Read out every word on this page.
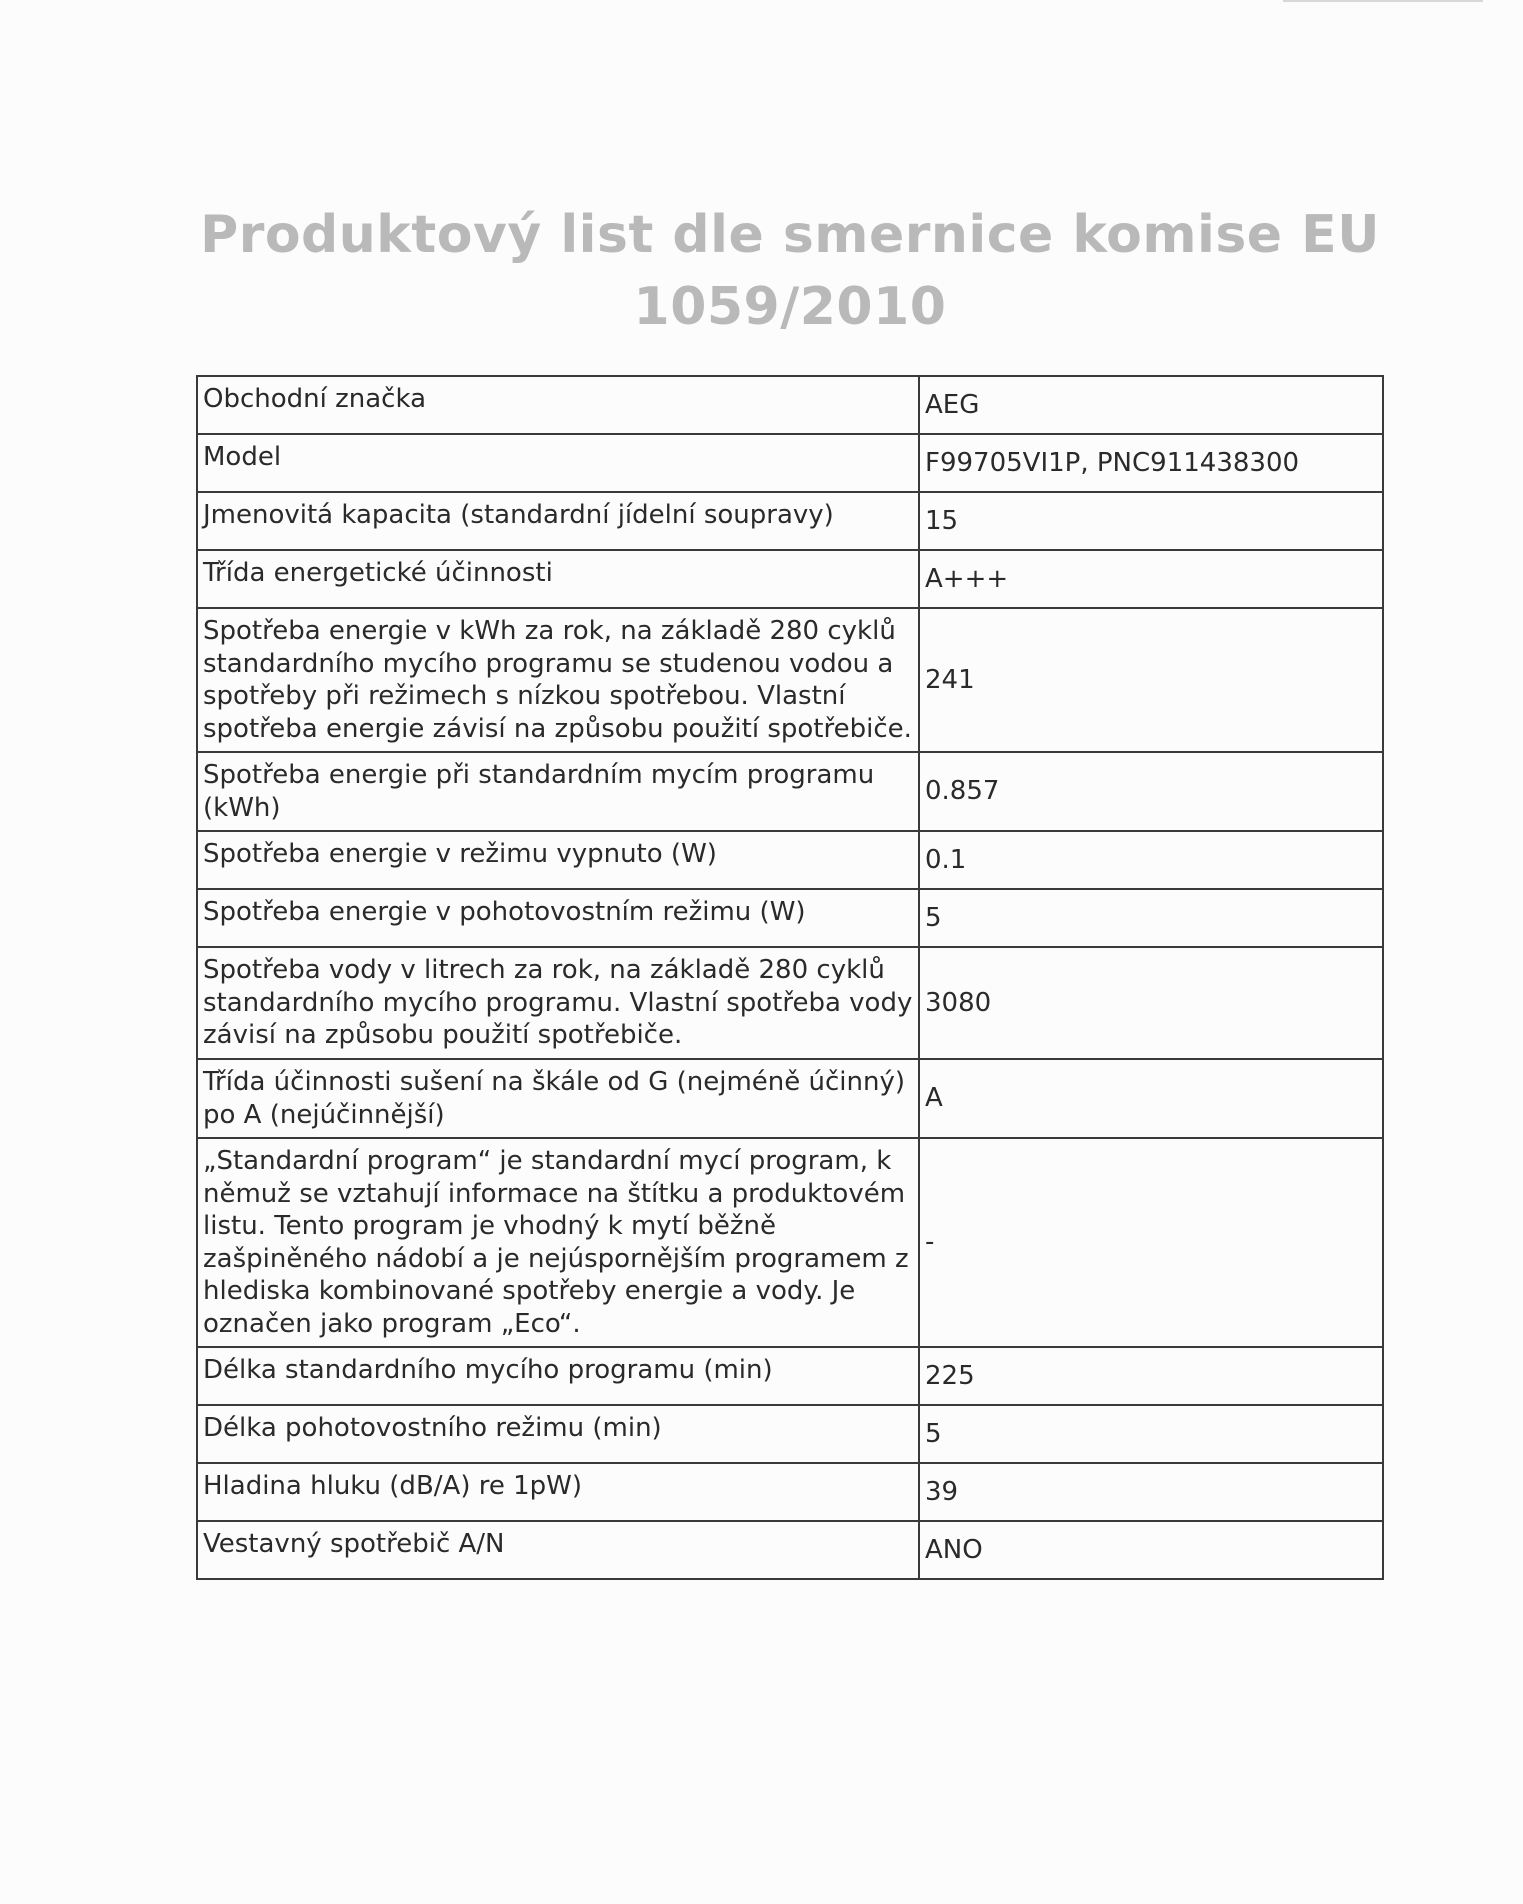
Produktový list dle smernice komise EU
1059/2010
Obchodní značka	AEG
Model	F99705VI1P, PNC911438300
Jmenovitá kapacita (standardní jídelní soupravy)	15
Třída energetické účinnosti	A+++
Spotřeba energie v kWh za rok, na základě 280 cyklů standardního mycího programu se studenou vodou a spotřeby při režimech s nízkou spotřebou. Vlastní spotřeba energie závisí na způsobu použití spotřebiče.	241
Spotřeba energie při standardním mycím programu (kWh)	0.857
Spotřeba energie v režimu vypnuto (W)	0.1
Spotřeba energie v pohotovostním režimu (W)	5
Spotřeba vody v litrech za rok, na základě 280 cyklů standardního mycího programu. Vlastní spotřeba vody závisí na způsobu použití spotřebiče.	3080
Třída účinnosti sušení na škále od G (nejméně účinný) po A (nejúčinnější)	A
„Standardní program“ je standardní mycí program, k němuž se vztahují informace na štítku a produktovém listu. Tento program je vhodný k mytí běžně zašpiněného nádobí a je nejúspornějším programem z hlediska kombinované spotřeby energie a vody. Je označen jako program „Eco“.	-
Délka standardního mycího programu (min)	225
Délka pohotovostního režimu (min)	5
Hladina hluku (dB/A) re 1pW)	39
Vestavný spotřebič A/N	ANO
